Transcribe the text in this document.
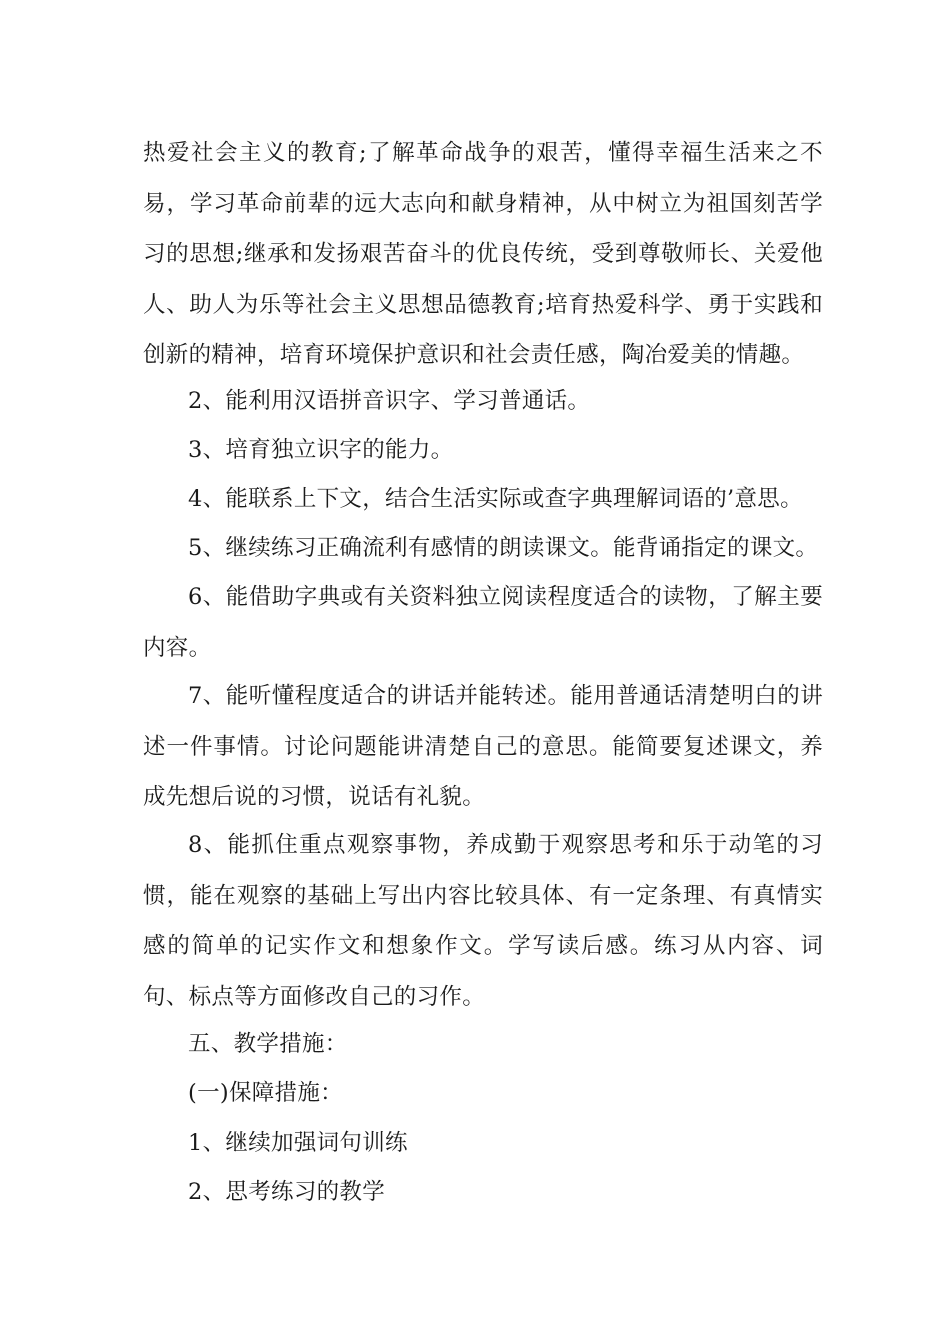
热爱社会主义的教育;了解革命战争的艰苦，懂得幸福生活来之不易，学习革命前辈的远大志向和献身精神，从中树立为祖国刻苦学习的思想;继承和发扬艰苦奋斗的优良传统，受到尊敬师长、关爱他人、助人为乐等社会主义思想品德教育;培育热爱科学、勇于实践和创新的精神，培育环境保护意识和社会责任感，陶冶爱美的情趣。

2、能利用汉语拼音识字、学习普通话。

3、培育独立识字的能力。

4、能联系上下文，结合生活实际或查字典理解词语的’意思。

5、继续练习正确流利有感情的朗读课文。能背诵指定的课文。

6、能借助字典或有关资料独立阅读程度适合的读物，了解主要内容。

7、能听懂程度适合的讲话并能转述。能用普通话清楚明白的讲述一件事情。讨论问题能讲清楚自己的意思。能简要复述课文，养成先想后说的习惯，说话有礼貌。

8、能抓住重点观察事物，养成勤于观察思考和乐于动笔的习惯，能在观察的基础上写出内容比较具体、有一定条理、有真情实感的简单的记实作文和想象作文。学写读后感。练习从内容、词句、标点等方面修改自己的习作。

五、教学措施：

(一)保障措施：

1、继续加强词句训练

2、思考练习的教学
